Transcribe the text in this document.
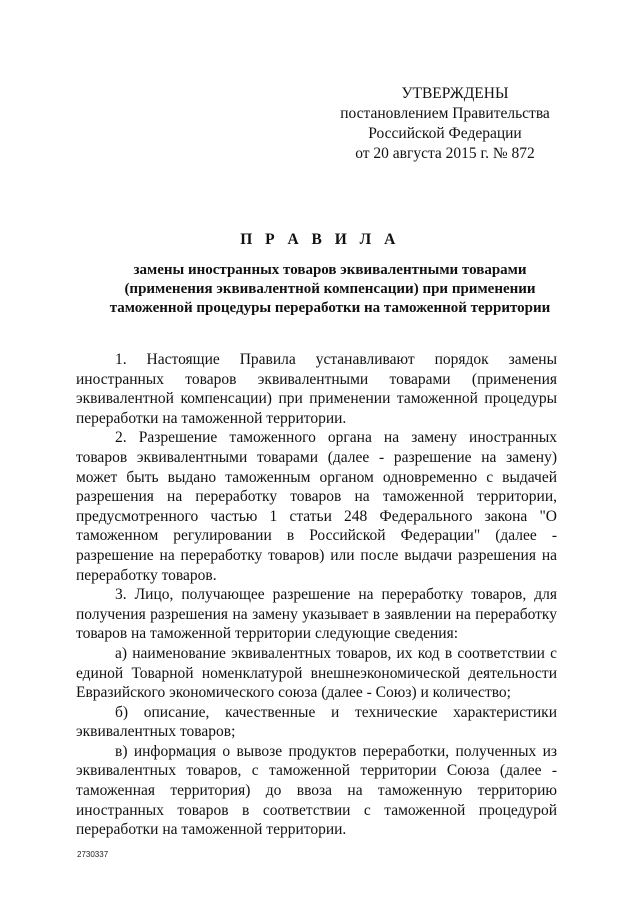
УТВЕРЖДЕНЫ
постановлением Правительства
Российской Федерации
от 20 августа 2015 г. № 872
П Р А В И Л А
замены иностранных товаров эквивалентными товарами
(применения эквивалентной компенсации) при применении
таможенной процедуры переработки на таможенной территории

1. Настоящие Правила устанавливают порядок замены иностранных товаров эквивалентными товарами (применения эквивалентной компенсации) при применении таможенной процедуры переработки на таможенной территории.

2. Разрешение таможенного органа на замену иностранных товаров эквивалентными товарами (далее - разрешение на замену) может быть выдано таможенным органом одновременно с выдачей разрешения на переработку товаров на таможенной территории, предусмотренного частью 1 статьи 248 Федерального закона "О таможенном регулировании в Российской Федерации" (далее - разрешение на переработку товаров) или после выдачи разрешения на переработку товаров.

3. Лицо, получающее разрешение на переработку товаров, для получения разрешения на замену указывает в заявлении на переработку товаров на таможенной территории следующие сведения:

а) наименование эквивалентных товаров, их код в соответствии с единой Товарной номенклатурой внешнеэкономической деятельности Евразийского экономического союза (далее - Союз) и количество;

б) описание, качественные и технические характеристики эквивалентных товаров;

в) информация о вывозе продуктов переработки, полученных из эквивалентных товаров, с таможенной территории Союза (далее - таможенная территория) до ввоза на таможенную территорию иностранных товаров в соответствии с таможенной процедурой переработки на таможенной территории.

2730337
